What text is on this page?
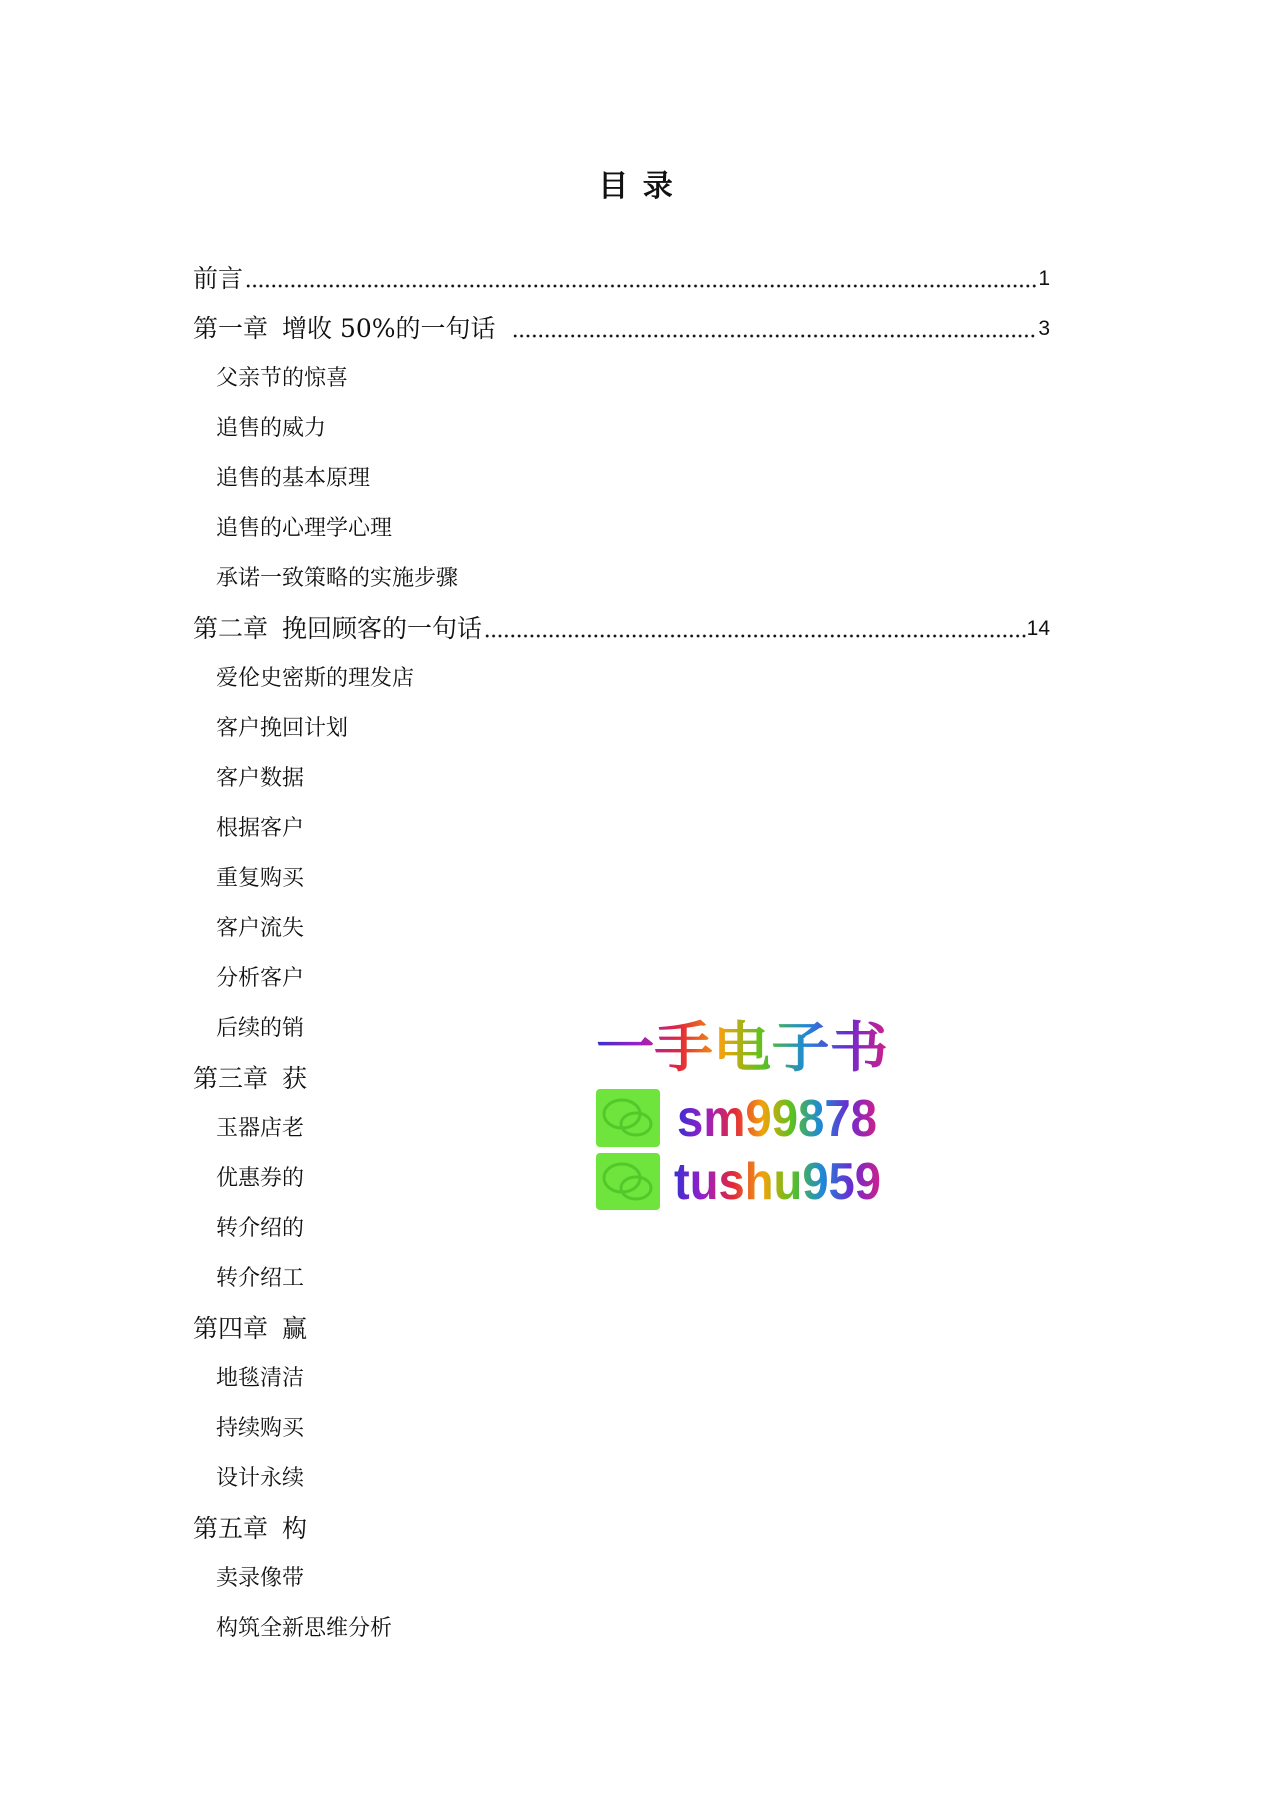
目 录
前言	1
第一章 增收 50%的一句话	3
父亲节的惊喜
追售的威力
追售的基本原理
追售的心理学心理
承诺一致策略的实施步骤
第二章 挽回顾客的一句话	14
爱伦史密斯的理发店
客户挽回计划
客户数据
根据客户
重复购买
客户流失
分析客户
后续的销
第三章 获
玉器店老
优惠券的
转介绍的
转介绍工
第四章 赢
地毯清洁
持续购买
设计永续
第五章 构
卖录像带
构筑全新思维分析
一手电子书
sm99878
tushu959
